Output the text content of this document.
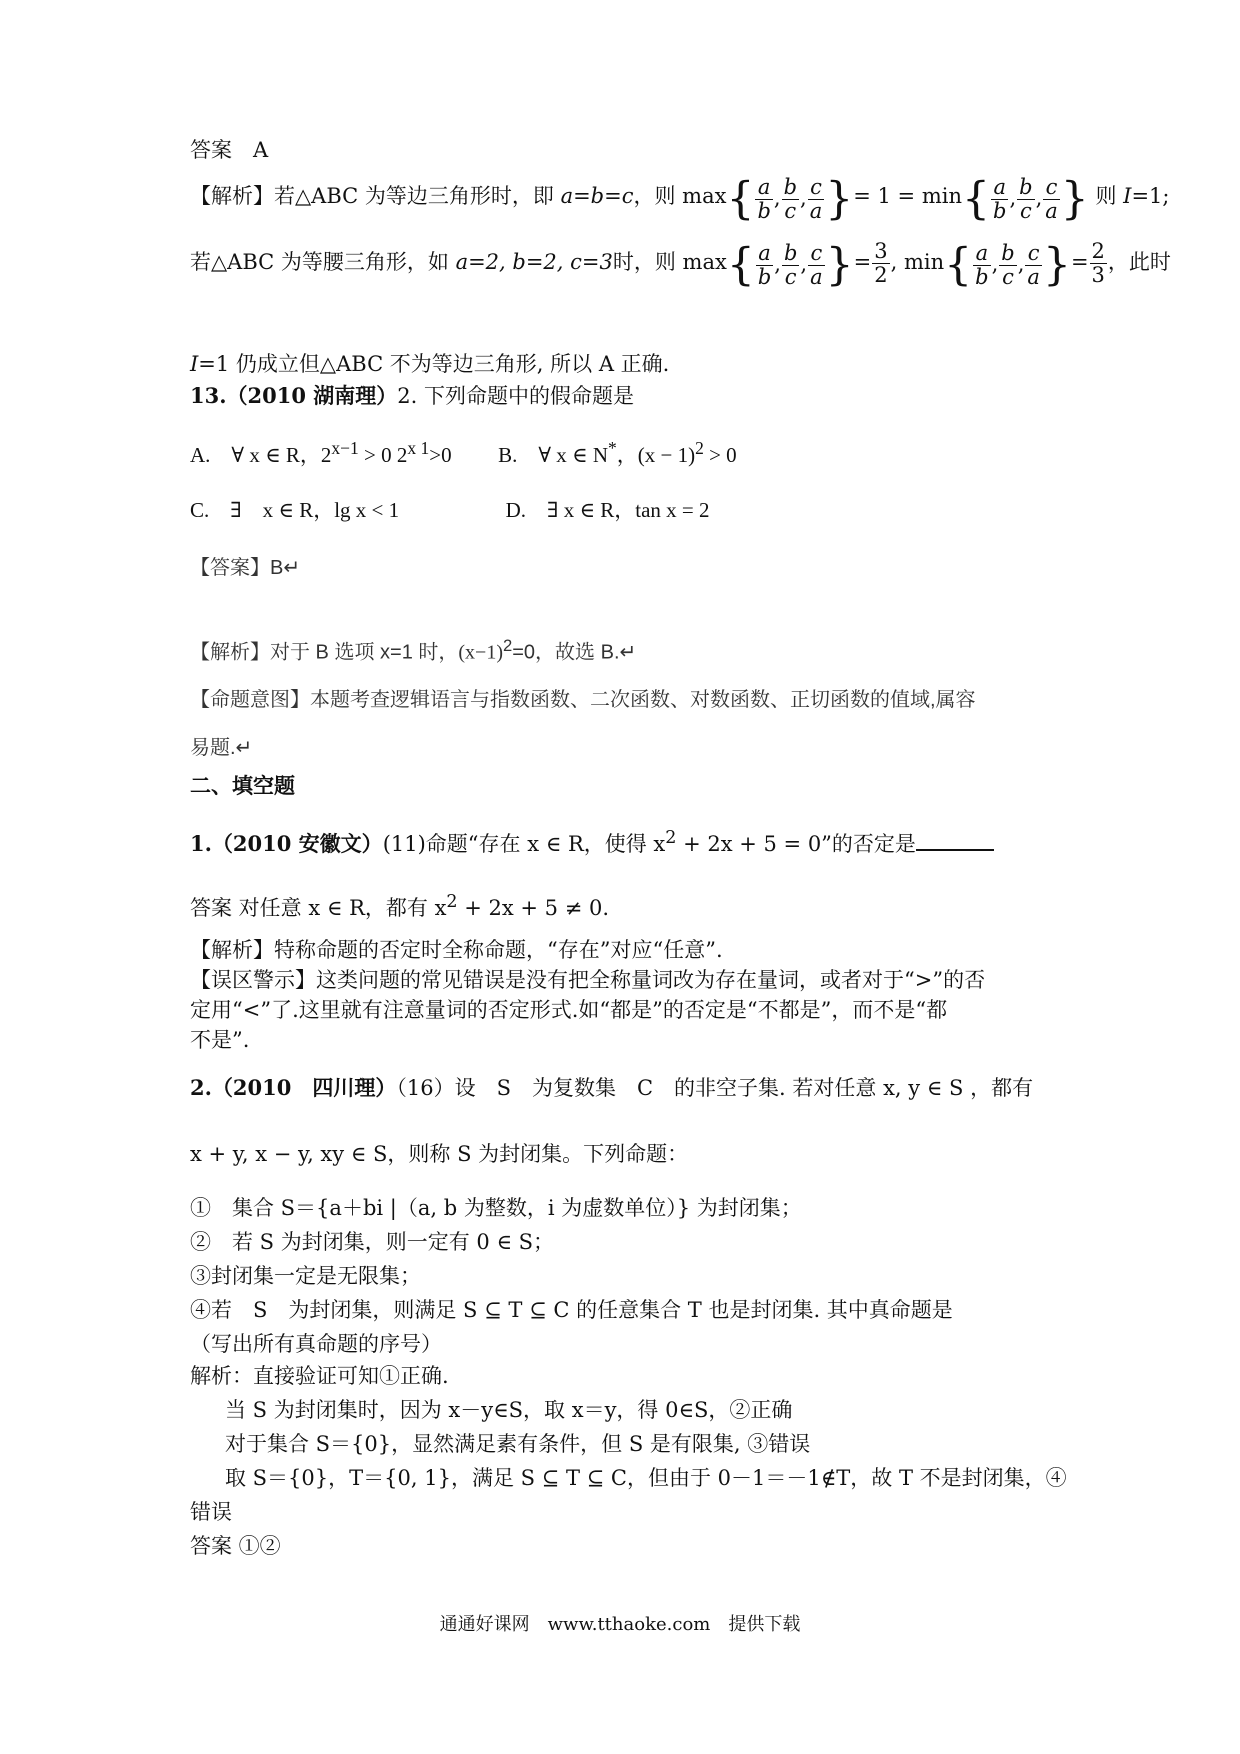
答案　A
【解析】若△ABC 为等边三角形时，即 a=b=c，则 $\max\{ \frac{a}{b}$ , $\frac{b}{c}$ , $\frac{c}{a}$ }= $1 = \min\{ \frac{a}{b}$ , $\frac{b}{c}$ , $\frac{c}{a}$ } 则 I=1;
若△ABC 为等腰三角形，如 a=2, b=2, c=3时，则 $\max\{ \frac{a}{b}$ , $\frac{b}{c}$ , $\frac{c}{a}$ }= $\frac{3}{2}$ , $\min\{ \frac{a}{b}$ , $\frac{b}{c}$ , $\frac{c}{a}$ }= $\frac{2}{3}$ ，此时
I=1 仍成立但△ABC 不为等边三角形, 所以 A 正确.
13.（2010 湖南理）2. 下列命题中的假命题是
A.　∀ x ∈ R，$2^{x-1} > 0$ $2^{x 1}>0$ B.　∀ x ∈ N*，$(x - 1)^2 > 0$
C.　∃　x ∈ R，lg x < 1	D.　∃ x ∈ R，tan x = 2
【答案】B↵
【解析】对于 B 选项 x=1 时，$(x-1)^2=0$，故选 B.↵
【命题意图】本题考查逻辑语言与指数函数、二次函数、对数函数、正切函数的值域,属容
易题.↵
二、填空题
1.（2010 安徽文）(11)命题“存在 x ∈ R，使得 $x^2 + 2x + 5 = 0$”的否定是
答案 对任意 x ∈ R，都有 $x^2 + 2x + 5 \ne 0$.
【解析】特称命题的否定时全称命题，“存在”对应“任意”.
【误区警示】这类问题的常见错误是没有把全称量词改为存在量词，或者对于“>”的否
定用“<”了.这里就有注意量词的否定形式.如“都是”的否定是“不都是”，而不是“都
不是”.
2.（2010　四川理）（16）设　S　为复数集　C　的非空子集. 若对任意 x, y ∈ S ，都有
x + y, x − y, xy ∈ S，则称 S 为封闭集。下列命题：
①　集合 S＝{a＋bi |（a, b 为整数，i 为虚数单位）} 为封闭集；
②　若 S 为封闭集，则一定有 0 ∈ S；
③封闭集一定是无限集；
④若　S　为封闭集，则满足 S ⊆ T ⊆ C 的任意集合 T 也是封闭集. 其中真命题是
（写出所有真命题的序号）
解析：直接验证可知①正确.
当 S 为封闭集时，因为 x－y∈S，取 x＝y，得 0∈S，②正确
对于集合 S＝{0}，显然满足素有条件，但 S 是有限集, ③错误
取 S＝{0}，T＝{0, 1}，满足 S ⊆ T ⊆ C，但由于 0－1＝－1∉T，故 T 不是封闭集，④
错误
答案 ①②
通通好课网　www.tthaoke.com　提供下载
